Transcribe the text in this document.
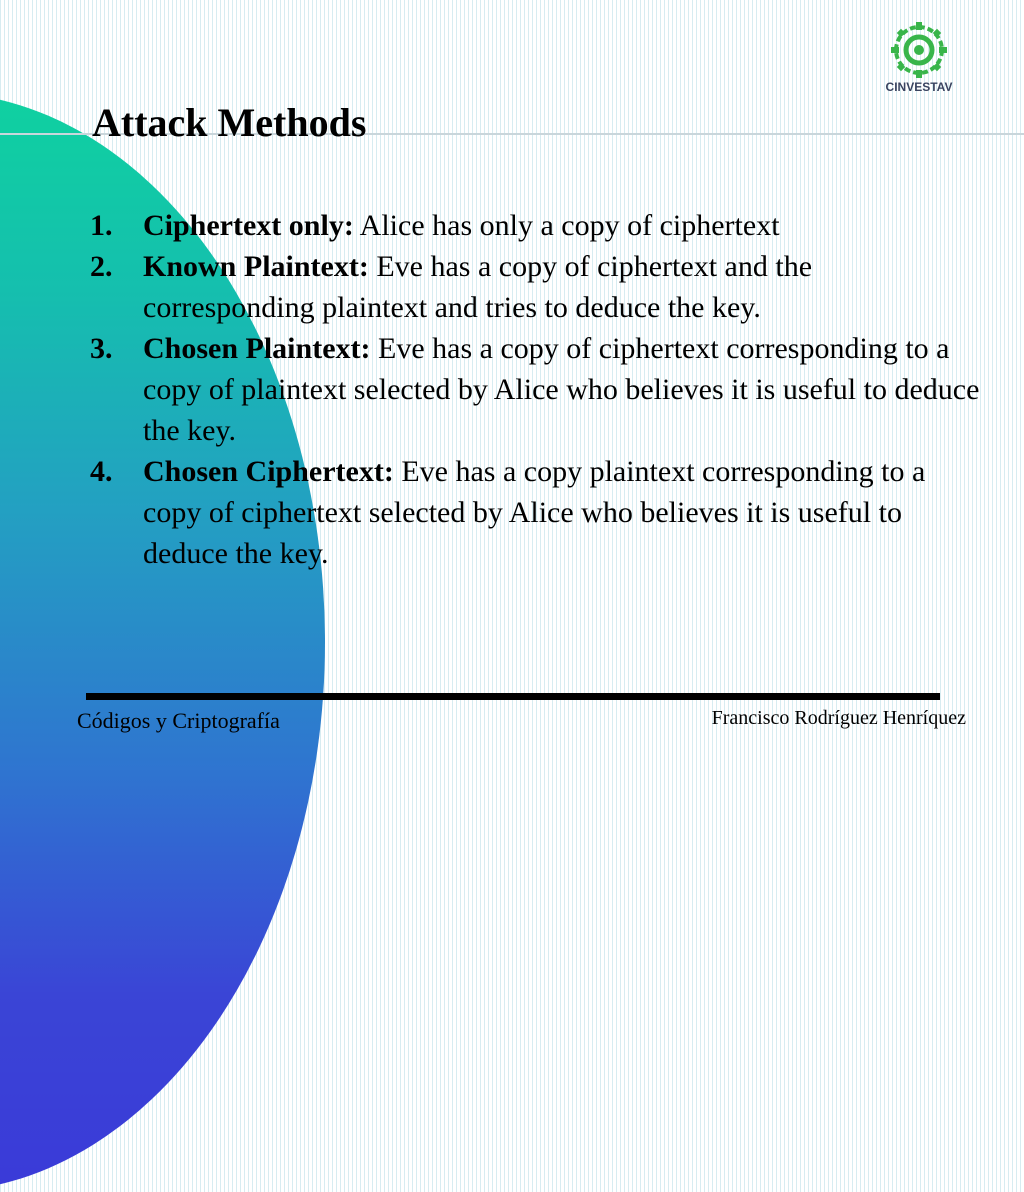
CINVESTAV
Attack Methods
1. Ciphertext only: Alice has only a copy of ciphertext
2. Known Plaintext: Eve has a copy of ciphertext and the corresponding plaintext and tries to deduce the key.
3. Chosen Plaintext: Eve has a copy of ciphertext corresponding to a copy of plaintext selected by Alice who believes it is useful to deduce the key.
4. Chosen Ciphertext: Eve has a copy plaintext corresponding to a copy of ciphertext selected by Alice who believes it is useful to deduce the key.
Códigos y Criptografía	Francisco Rodríguez Henríquez
